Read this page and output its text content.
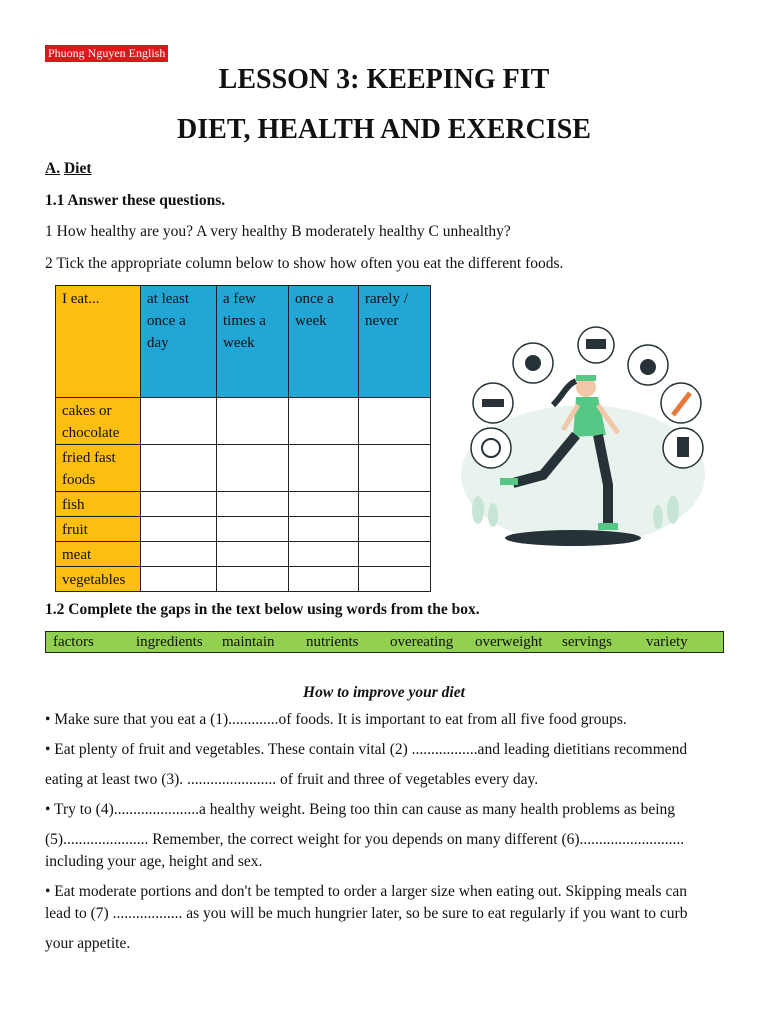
Phuong Nguyen English
LESSON 3: KEEPING FIT
DIET, HEALTH AND EXERCISE
A. Diet
1.1 Answer these questions.
1 How healthy are you? A very healthy B moderately healthy C unhealthy?
2 Tick the appropriate column below to show how often you eat the different foods.
I eat...	at least once a day	a few times a week	once a week	rarely / never
cakes or chocolate				
fried fast foods				
fish				
fruit				
meat				
vegetables				
1.2 Complete the gaps in the text below using words from the box.
factors	ingredients maintain nutrients overeating overweight servings variety
How to improve your diet
• Make sure that you eat a (1).............of foods. It is important to eat from all five food groups.
• Eat plenty of fruit and vegetables. These contain vital (2) .................and leading dietitians recommend
eating at least two (3). ....................... of fruit and three of vegetables every day.
• Try to (4)......................a healthy weight. Being too thin can cause as many health problems as being
(5)...................... Remember, the correct weight for you depends on many different (6)...........................
including your age, height and sex.
• Eat moderate portions and don't be tempted to order a larger size when eating out. Skipping meals can
lead to (7) .................. as you will be much hungrier later, so be sure to eat regularly if you want to curb
your appetite.
